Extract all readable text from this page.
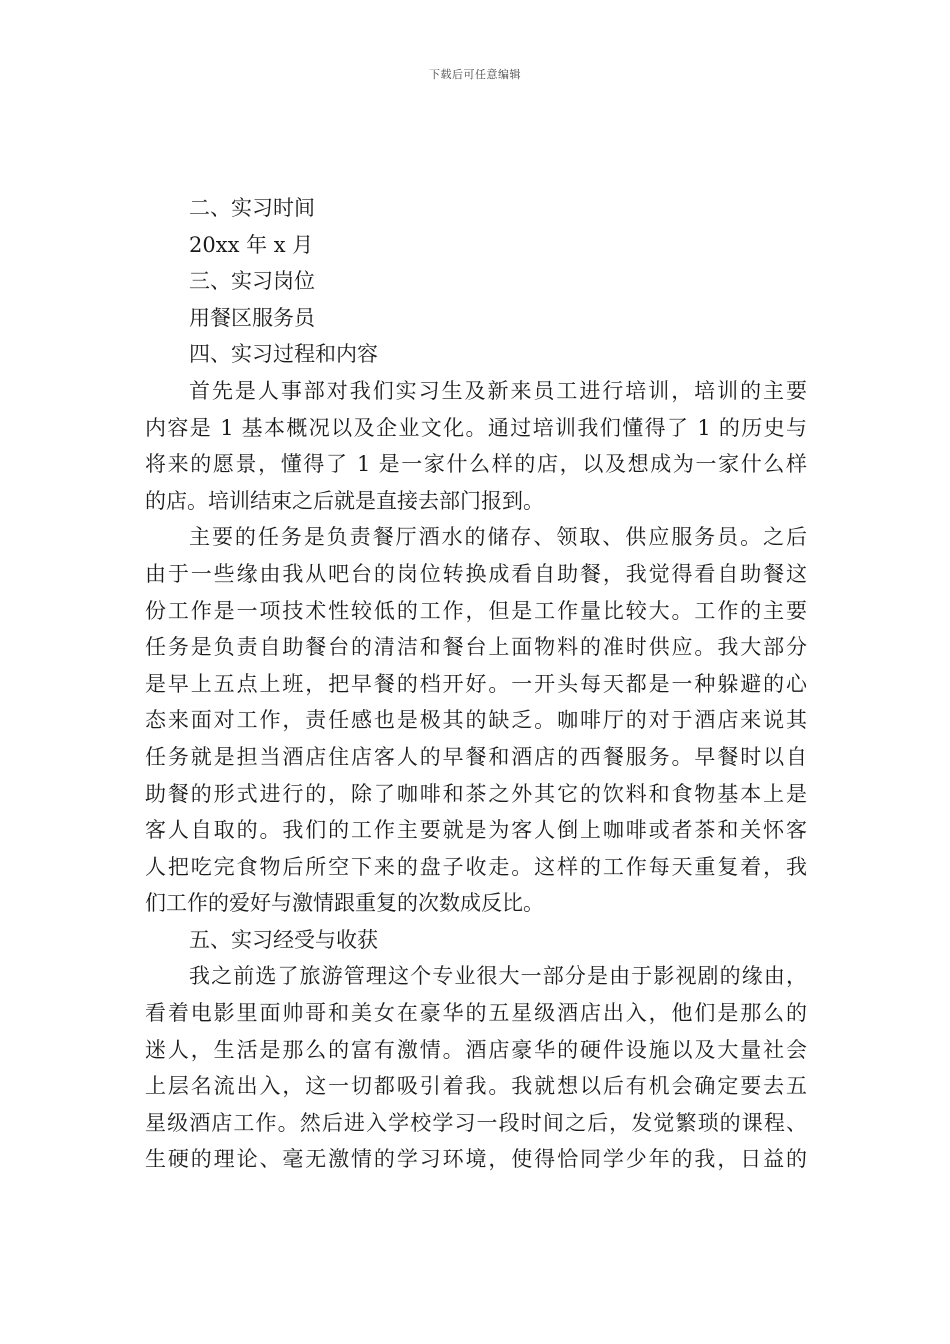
下载后可任意编辑
二、实习时间
20xx 年 x 月
三、实习岗位
用餐区服务员
四、实习过程和内容
首先是人事部对我们实习生及新来员工进行培训，培训的主要
内容是 1 基本概况以及企业文化。通过培训我们懂得了 1 的历史与
将来的愿景，懂得了 1 是一家什么样的店，以及想成为一家什么样
的店。培训结束之后就是直接去部门报到。
主要的任务是负责餐厅酒水的储存、领取、供应服务员。之后
由于一些缘由我从吧台的岗位转换成看自助餐，我觉得看自助餐这
份工作是一项技术性较低的工作，但是工作量比较大。工作的主要
任务是负责自助餐台的清洁和餐台上面物料的准时供应。我大部分
是早上五点上班，把早餐的档开好。一开头每天都是一种躲避的心
态来面对工作，责任感也是极其的缺乏。咖啡厅的对于酒店来说其
任务就是担当酒店住店客人的早餐和酒店的西餐服务。早餐时以自
助餐的形式进行的，除了咖啡和茶之外其它的饮料和食物基本上是
客人自取的。我们的工作主要就是为客人倒上咖啡或者茶和关怀客
人把吃完食物后所空下来的盘子收走。这样的工作每天重复着，我
们工作的爱好与激情跟重复的次数成反比。
五、实习经受与收获
我之前选了旅游管理这个专业很大一部分是由于影视剧的缘由，
看着电影里面帅哥和美女在豪华的五星级酒店出入，他们是那么的
迷人，生活是那么的富有激情。酒店豪华的硬件设施以及大量社会
上层名流出入，这一切都吸引着我。我就想以后有机会确定要去五
星级酒店工作。然后进入学校学习一段时间之后，发觉繁琐的课程、
生硬的理论、毫无激情的学习环境，使得恰同学少年的我，日益的
